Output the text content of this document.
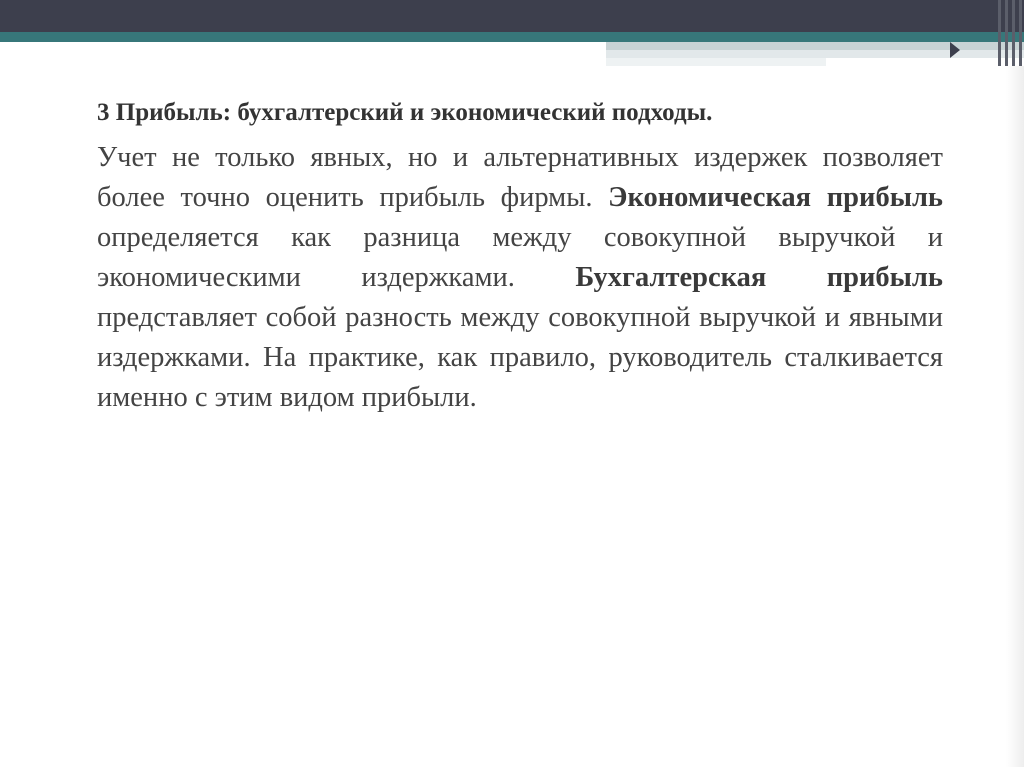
3 Прибыль: бухгалтерский и экономический подходы.

Учет не только явных, но и альтернативных издержек позволяет более точно оценить прибыль фирмы. Экономическая прибыль определяется как разница между совокупной выручкой и экономическими издержками. Бухгалтерская прибыль представляет собой разность между совокупной выручкой и явными издержками. На практике, как правило, руководитель сталкивается именно с этим видом прибыли.
